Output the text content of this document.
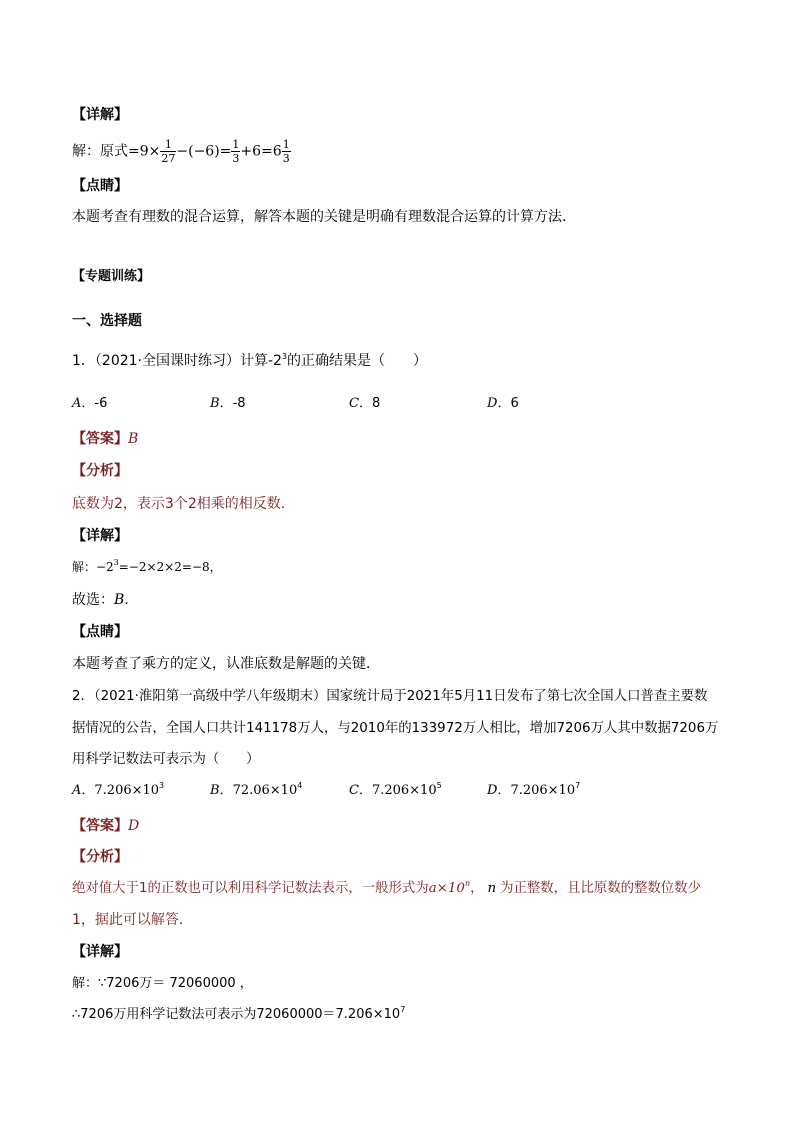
【详解】
解：原式$=9\times \frac{1}{27} -(-6)= \frac{1}{3} +6=6 \frac{1}{3}$
【点睛】
本题考查有理数的混合运算，解答本题的关键是明确有理数混合运算的计算方法．
【专题训练】
一、选择题
1．（2021·全国课时练习）计算$-2^3$的正确结果是（　　）
A．-6	B．-8	C．8	D．6
【答案】B
【分析】
底数为2，表示3个2相乘的相反数．
【详解】
解：$-2^3=-2\times 2\times 2=-8$，
故选：B．
【点睛】
本题考查了乘方的定义，认准底数是解题的关键．
2．（2021·淮阳第一高级中学八年级期末）国家统计局于2021年5月11日发布了第七次全国人口普查主要数
据情况的公告，全国人口共计141178万人，与2010年的133972万人相比，增加7206万人其中数据7206万
用科学记数法可表示为（　　）
A．$7.206\times 10^3$	B．$72.06\times 10^4$	C．$7.206\times 10^5$	D．$7.206\times 10^7$
【答案】D
【分析】
绝对值大于1的正数也可以利用科学记数法表示，一般形式为$a\times 10^n$， n 为正整数，且比原数的整数位数少
1，据此可以解答．
【详解】
解：∵7206万＝ 72060000 ，
∴7206万用科学记数法可表示为$72060000=7.206\times 10^7$
